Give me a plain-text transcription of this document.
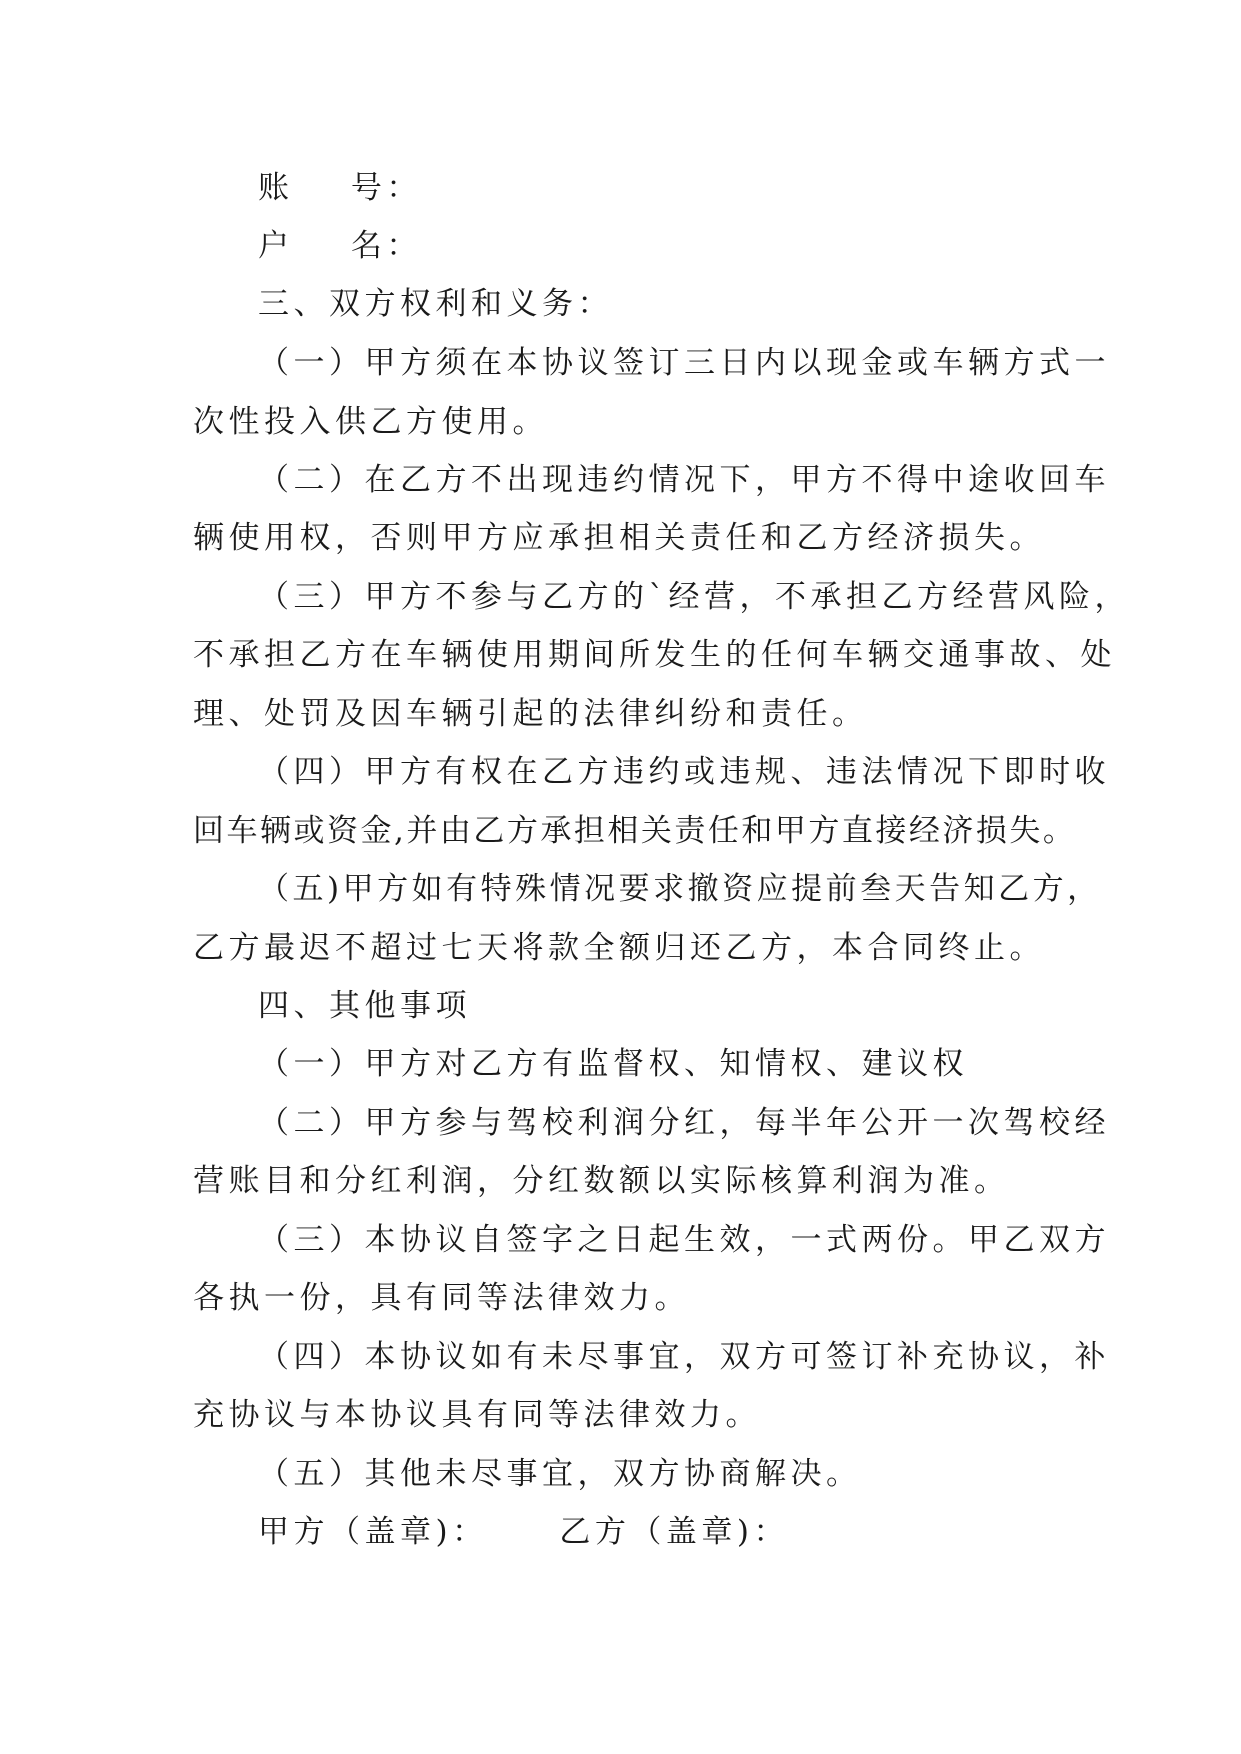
账    号：
户    名：
三、双方权利和义务：
（一）甲方须在本协议签订三日内以现金或车辆方式一
次性投入供乙方使用。
（二）在乙方不出现违约情况下，甲方不得中途收回车
辆使用权，否则甲方应承担相关责任和乙方经济损失。
（三）甲方不参与乙方的`经营，不承担乙方经营风险，
不承担乙方在车辆使用期间所发生的任何车辆交通事故、处
理、处罚及因车辆引起的法律纠纷和责任。
（四）甲方有权在乙方违约或违规、违法情况下即时收
回车辆或资金,并由乙方承担相关责任和甲方直接经济损失。
（五)甲方如有特殊情况要求撤资应提前叁天告知乙方，
乙方最迟不超过七天将款全额归还乙方，本合同终止。
四、其他事项
（一）甲方对乙方有监督权、知情权、建议权
（二）甲方参与驾校利润分红，每半年公开一次驾校经
营账目和分红利润，分红数额以实际核算利润为准。
（三）本协议自签字之日起生效，一式两份。甲乙双方
各执一份，具有同等法律效力。
（四）本协议如有未尽事宜，双方可签订补充协议，补
充协议与本协议具有同等法律效力。
（五）其他未尽事宜，双方协商解决。
甲方（盖章)：     乙方（盖章)：
